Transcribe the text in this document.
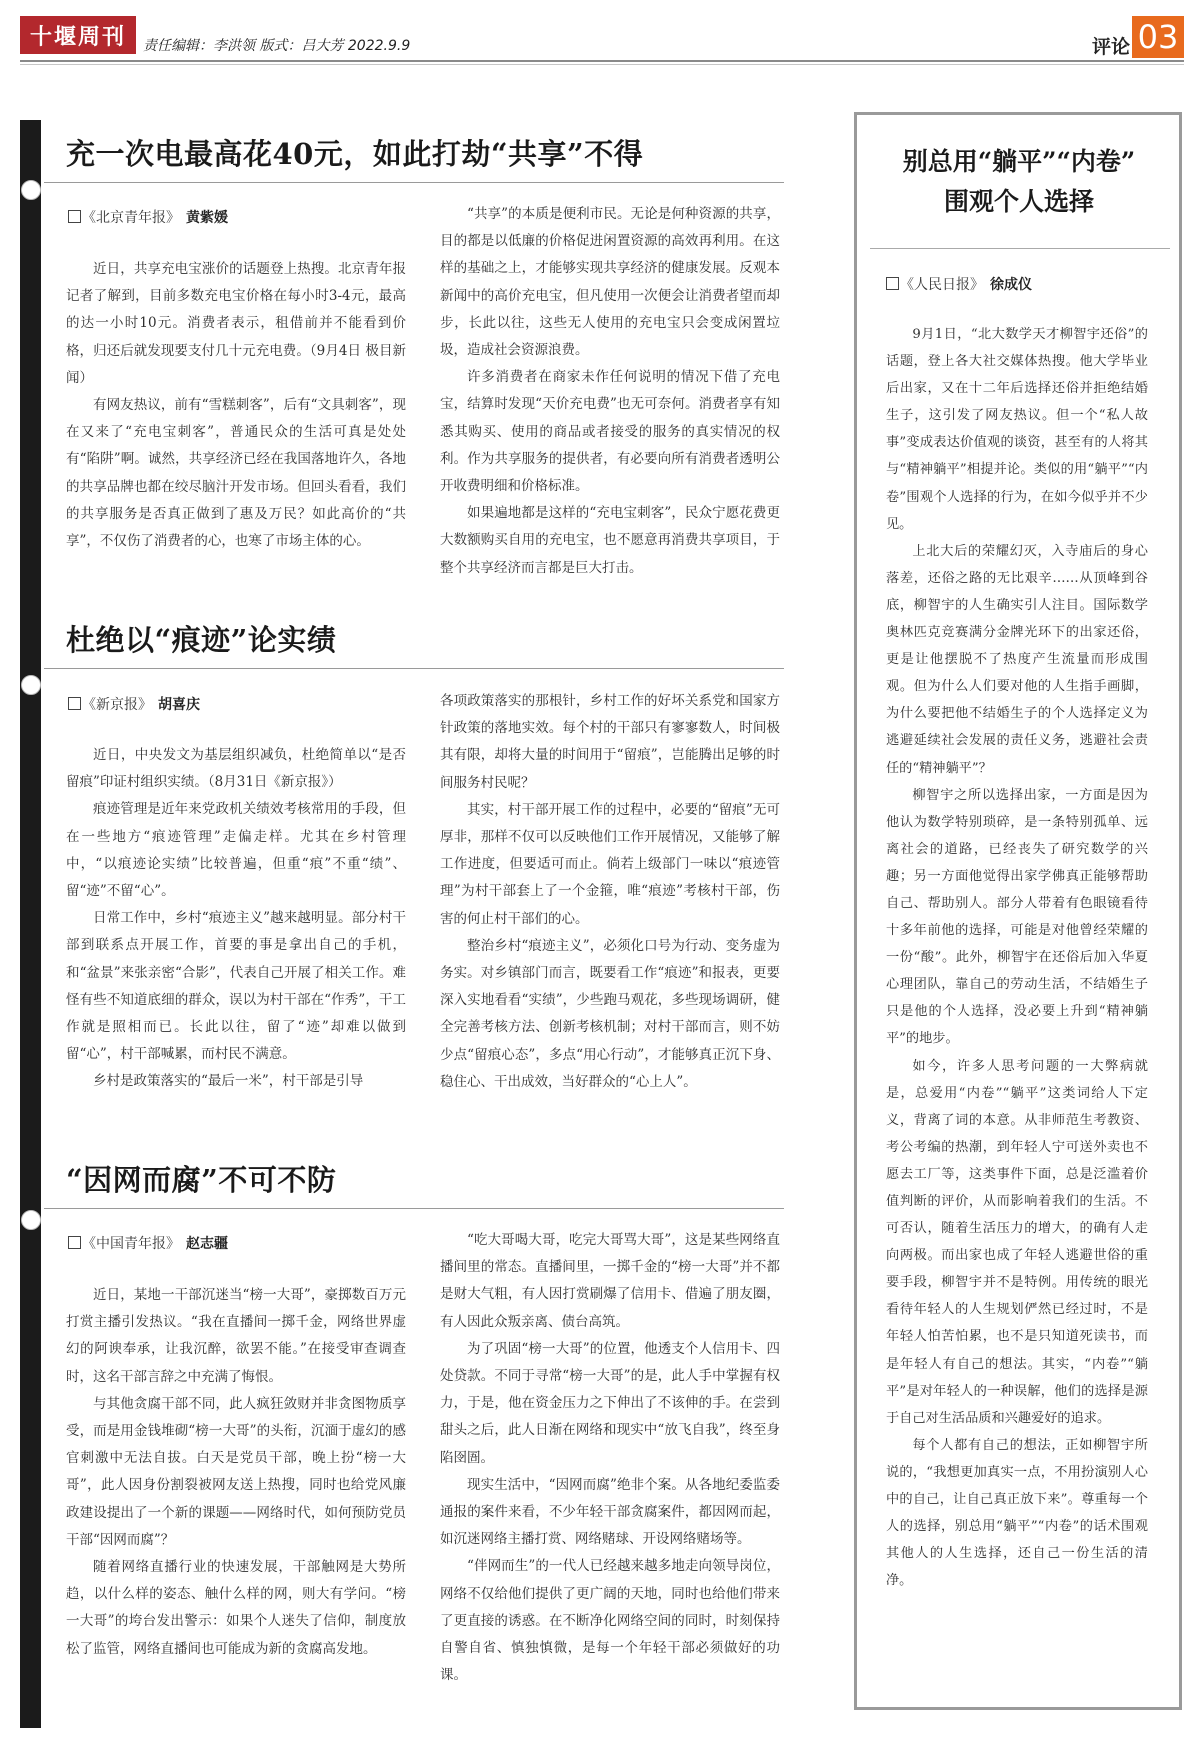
十堰周刊	责任编辑：李洪领 版式：吕大芳 2022.9.9	评论 03
充一次电最高花40元，如此打劫“共享”不得
《北京青年报》 黄紫媛

近日，共享充电宝涨价的话题登上热搜。北京青年报记者了解到，目前多数充电宝价格在每小时3-4元，最高的达一小时10元。消费者表示，租借前并不能看到价格，归还后就发现要支付几十元充电费。（9月4日 极目新闻）

有网友热议，前有“雪糕刺客”，后有“文具刺客”，现在又来了“充电宝刺客”，普通民众的生活可真是处处有“陷阱”啊。诚然，共享经济已经在我国落地许久，各地的共享品牌也都在绞尽脑汁开发市场。但回头看看，我们的共享服务是否真正做到了惠及万民？如此高价的“共享”，不仅伤了消费者的心，也寒了市场主体的心。

“共享”的本质是便利市民。无论是何种资源的共享，目的都是以低廉的价格促进闲置资源的高效再利用。在这样的基础之上，才能够实现共享经济的健康发展。反观本新闻中的高价充电宝，但凡使用一次便会让消费者望而却步，长此以往，这些无人使用的充电宝只会变成闲置垃圾，造成社会资源浪费。

许多消费者在商家未作任何说明的情况下借了充电宝，结算时发现“天价充电费”也无可奈何。消费者享有知悉其购买、使用的商品或者接受的服务的真实情况的权利。作为共享服务的提供者，有必要向所有消费者透明公开收费明细和价格标准。

如果遍地都是这样的“充电宝刺客”，民众宁愿花费更大数额购买自用的充电宝，也不愿意再消费共享项目，于整个共享经济而言都是巨大打击。

杜绝以“痕迹”论实绩
《新京报》 胡喜庆

近日，中央发文为基层组织减负，杜绝简单以“是否留痕”印证村组织实绩。（8月31日《新京报》）

痕迹管理是近年来党政机关绩效考核常用的手段，但在一些地方“痕迹管理”走偏走样。尤其在乡村管理中，“以痕迹论实绩”比较普遍，但重“痕”不重“绩”、留“迹”不留“心”。

日常工作中，乡村“痕迹主义”越来越明显。部分村干部到联系点开展工作，首要的事是拿出自己的手机，和“盆景”来张亲密“合影”，代表自己开展了相关工作。难怪有些不知道底细的群众，误以为村干部在“作秀”，干工作就是照相而已。长此以往，留了“迹”却难以做到留“心”，村干部喊累，而村民不满意。

乡村是政策落实的“最后一米”，村干部是引导

各项政策落实的那根针，乡村工作的好坏关系党和国家方针政策的落地实效。每个村的干部只有寥寥数人，时间极其有限，却将大量的时间用于“留痕”，岂能腾出足够的时间服务村民呢？

其实，村干部开展工作的过程中，必要的“留痕”无可厚非，那样不仅可以反映他们工作开展情况，又能够了解工作进度，但要适可而止。倘若上级部门一味以“痕迹管理”为村干部套上了一个金箍，唯“痕迹”考核村干部，伤害的何止村干部们的心。

整治乡村“痕迹主义”，必须化口号为行动、变务虚为务实。对乡镇部门而言，既要看工作“痕迹”和报表，更要深入实地看看“实绩”，少些跑马观花，多些现场调研，健全完善考核方法、创新考核机制；对村干部而言，则不妨少点“留痕心态”，多点“用心行动”，才能够真正沉下身、稳住心、干出成效，当好群众的“心上人”。

“因网而腐”不可不防
《中国青年报》 赵志疆

近日，某地一干部沉迷当“榜一大哥”，豪掷数百万元打赏主播引发热议。“我在直播间一掷千金，网络世界虚幻的阿谀奉承，让我沉醉，欲罢不能。”在接受审查调查时，这名干部言辞之中充满了悔恨。

与其他贪腐干部不同，此人疯狂敛财并非贪图物质享受，而是用金钱堆砌“榜一大哥”的头衔，沉湎于虚幻的感官刺激中无法自拔。白天是党员干部，晚上扮“榜一大哥”，此人因身份割裂被网友送上热搜，同时也给党风廉政建设提出了一个新的课题——网络时代，如何预防党员干部“因网而腐”？

随着网络直播行业的快速发展，干部触网是大势所趋，以什么样的姿态、触什么样的网，则大有学问。“榜一大哥”的垮台发出警示：如果个人迷失了信仰，制度放松了监管，网络直播间也可能成为新的贪腐高发地。

“吃大哥喝大哥，吃完大哥骂大哥”，这是某些网络直播间里的常态。直播间里，一掷千金的“榜一大哥”并不都是财大气粗，有人因打赏刷爆了信用卡、借遍了朋友圈，有人因此众叛亲离、债台高筑。

为了巩固“榜一大哥”的位置，他透支个人信用卡、四处贷款。不同于寻常“榜一大哥”的是，此人手中掌握有权力，于是，他在资金压力之下伸出了不该伸的手。在尝到甜头之后，此人日渐在网络和现实中“放飞自我”，终至身陷囹圄。

现实生活中，“因网而腐”绝非个案。从各地纪委监委通报的案件来看，不少年轻干部贪腐案件，都因网而起，如沉迷网络主播打赏、网络赌球、开设网络赌场等。

“伴网而生”的一代人已经越来越多地走向领导岗位，网络不仅给他们提供了更广阔的天地，同时也给他们带来了更直接的诱惑。在不断净化网络空间的同时，时刻保持自警自省、慎独慎微，是每一个年轻干部必须做好的功课。

别总用“躺平”“内卷”
围观个人选择
《人民日报》 徐成仪

9月1日，“北大数学天才柳智宇还俗”的话题，登上各大社交媒体热搜。他大学毕业后出家，又在十二年后选择还俗并拒绝结婚生子，这引发了网友热议。但一个“私人故事”变成表达价值观的谈资，甚至有的人将其与“精神躺平”相提并论。类似的用“躺平”“内卷”围观个人选择的行为，在如今似乎并不少见。

上北大后的荣耀幻灭，入寺庙后的身心落差，还俗之路的无比艰辛……从顶峰到谷底，柳智宇的人生确实引人注目。国际数学奥林匹克竞赛满分金牌光环下的出家还俗，更是让他摆脱不了热度产生流量而形成围观。但为什么人们要对他的人生指手画脚，为什么要把他不结婚生子的个人选择定义为逃避延续社会发展的责任义务，逃避社会责任的“精神躺平”？

柳智宇之所以选择出家，一方面是因为他认为数学特别琐碎，是一条特别孤单、远离社会的道路，已经丧失了研究数学的兴趣；另一方面他觉得出家学佛真正能够帮助自己、帮助别人。部分人带着有色眼镜看待十多年前他的选择，可能是对他曾经荣耀的一份“酸”。此外，柳智宇在还俗后加入华夏心理团队，靠自己的劳动生活，不结婚生子只是他的个人选择，没必要上升到“精神躺平”的地步。

如今，许多人思考问题的一大弊病就是，总爱用“内卷”“躺平”这类词给人下定义，背离了词的本意。从非师范生考教资、考公考编的热潮，到年轻人宁可送外卖也不愿去工厂等，这类事件下面，总是泛滥着价值判断的评价，从而影响着我们的生活。不可否认，随着生活压力的增大，的确有人走向两极。而出家也成了年轻人逃避世俗的重要手段，柳智宇并不是特例。用传统的眼光看待年轻人的人生规划俨然已经过时，不是年轻人怕苦怕累，也不是只知道死读书，而是年轻人有自己的想法。其实，“内卷”“躺平”是对年轻人的一种误解，他们的选择是源于自己对生活品质和兴趣爱好的追求。

每个人都有自己的想法，正如柳智宇所说的，“我想更加真实一点，不用扮演别人心中的自己，让自己真正放下来”。尊重每一个人的选择，别总用“躺平”“内卷”的话术围观其他人的人生选择，还自己一份生活的清净。
